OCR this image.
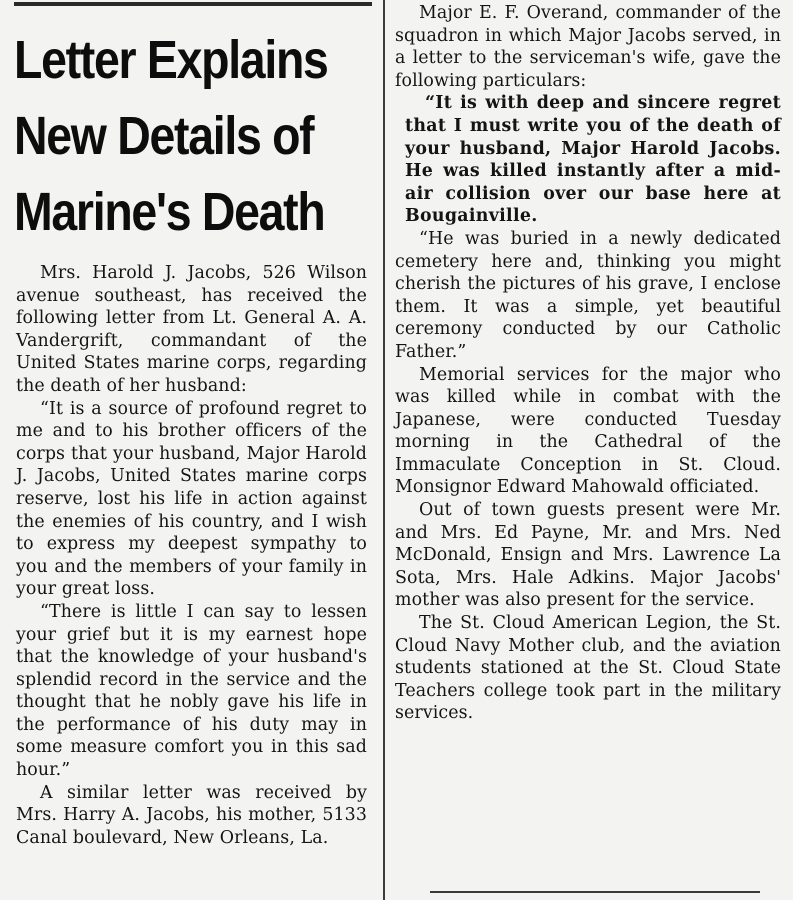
Letter Explains
New Details of
Marine's Death

Mrs. Harold J. Jacobs, 526 Wilson avenue southeast, has received the following letter from Lt. General A. A. Vandergrift, commandant of the United States marine corps, regarding the death of her husband:

“It is a source of profound regret to me and to his brother officers of the corps that your husband, Major Harold J. Jacobs, United States marine corps reserve, lost his life in action against the enemies of his country, and I wish to express my deepest sympathy to you and the members of your family in your great loss.

“There is little I can say to lessen your grief but it is my earnest hope that the knowledge of your husband's splendid record in the service and the thought that he nobly gave his life in the performance of his duty may in some measure comfort you in this sad hour.”

A similar letter was received by Mrs. Harry A. Jacobs, his mother, 5133 Canal boulevard, New Orleans, La.

Major E. F. Overand, commander of the squadron in which Major Jacobs served, in a letter to the serviceman's wife, gave the following particulars:

“It is with deep and sincere regret that I must write you of the death of your husband, Major Harold Jacobs. He was killed instantly after a mid-air collision over our base here at Bougainville.

“He was buried in a newly dedicated cemetery here and, thinking you might cherish the pictures of his grave, I enclose them. It was a simple, yet beautiful ceremony conducted by our Catholic Father.”

Memorial services for the major who was killed while in combat with the Japanese, were conducted Tuesday morning in the Cathedral of the Immaculate Conception in St. Cloud. Monsignor Edward Mahowald officiated.

Out of town guests present were Mr. and Mrs. Ed Payne, Mr. and Mrs. Ned McDonald, Ensign and Mrs. Lawrence La Sota, Mrs. Hale Adkins. Major Jacobs' mother was also present for the service.

The St. Cloud American Legion, the St. Cloud Navy Mother club, and the aviation students stationed at the St. Cloud State Teachers college took part in the military services.
